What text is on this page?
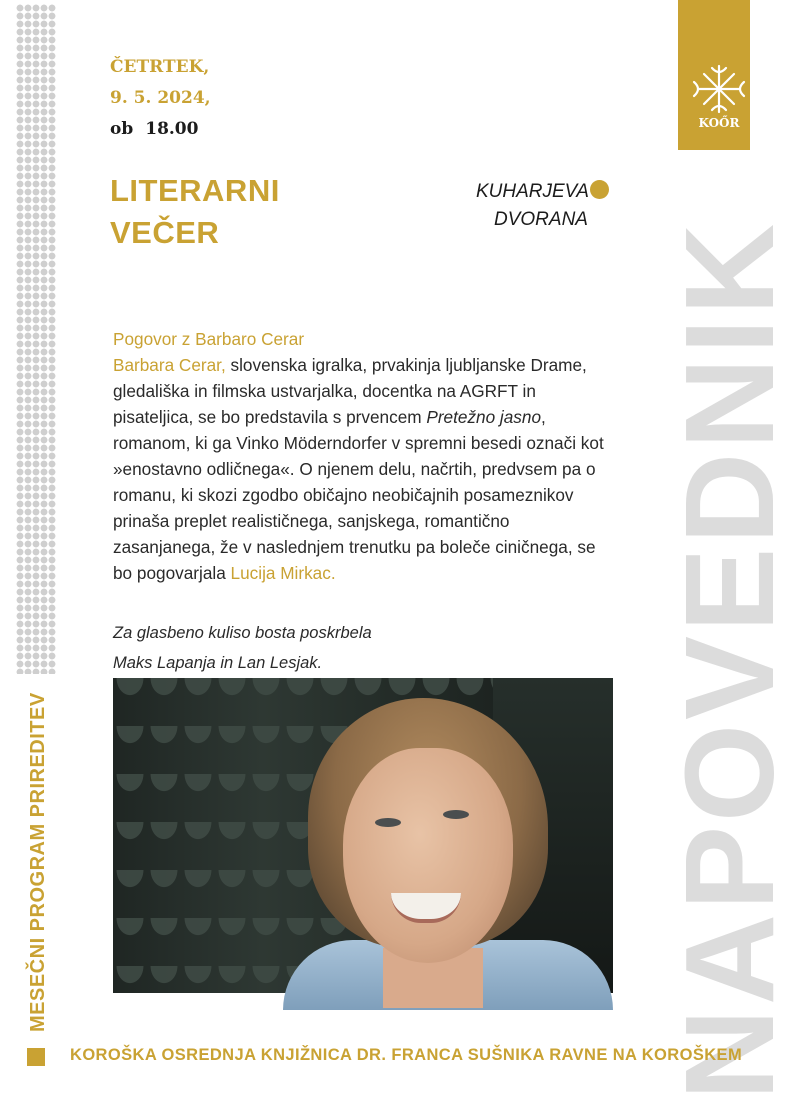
KOŐR
NAPOVEDNIK
ČETRTEK,
9. 5. 2024,
ob 18.00
LITERARNI
VEČER
KUHARJEVA
DVORANA
Pogovor z Barbaro Cerar
Barbara Cerar, slovenska igralka, prvakinja ljubljanske Drame, gledališka in filmska ustvarjalka, docentka na AGRFT in pisateljica, se bo predstavila s prvencem Pretežno jasno, romanom, ki ga Vinko Möderndorfer v spremni besedi označi kot »enostavno odličnega«. O njenem delu, načrtih, predvsem pa o romanu, ki skozi zgodbo običajno neobičajnih posameznikov prinaša preplet realističnega, sanjskega, romantično zasanjanega, že v naslednjem trenutku pa boleče ciničnega, se bo pogovarjala Lucija Mirkac.
Za glasbeno kuliso bosta poskrbela
Maks Lapanja in Lan Lesjak.
MESEČNI PROGRAM PRIREDITEV
KOROŠKA OSREDNJA KNJIŽNICA DR. FRANCA SUŠNIKA RAVNE NA KOROŠKEM
